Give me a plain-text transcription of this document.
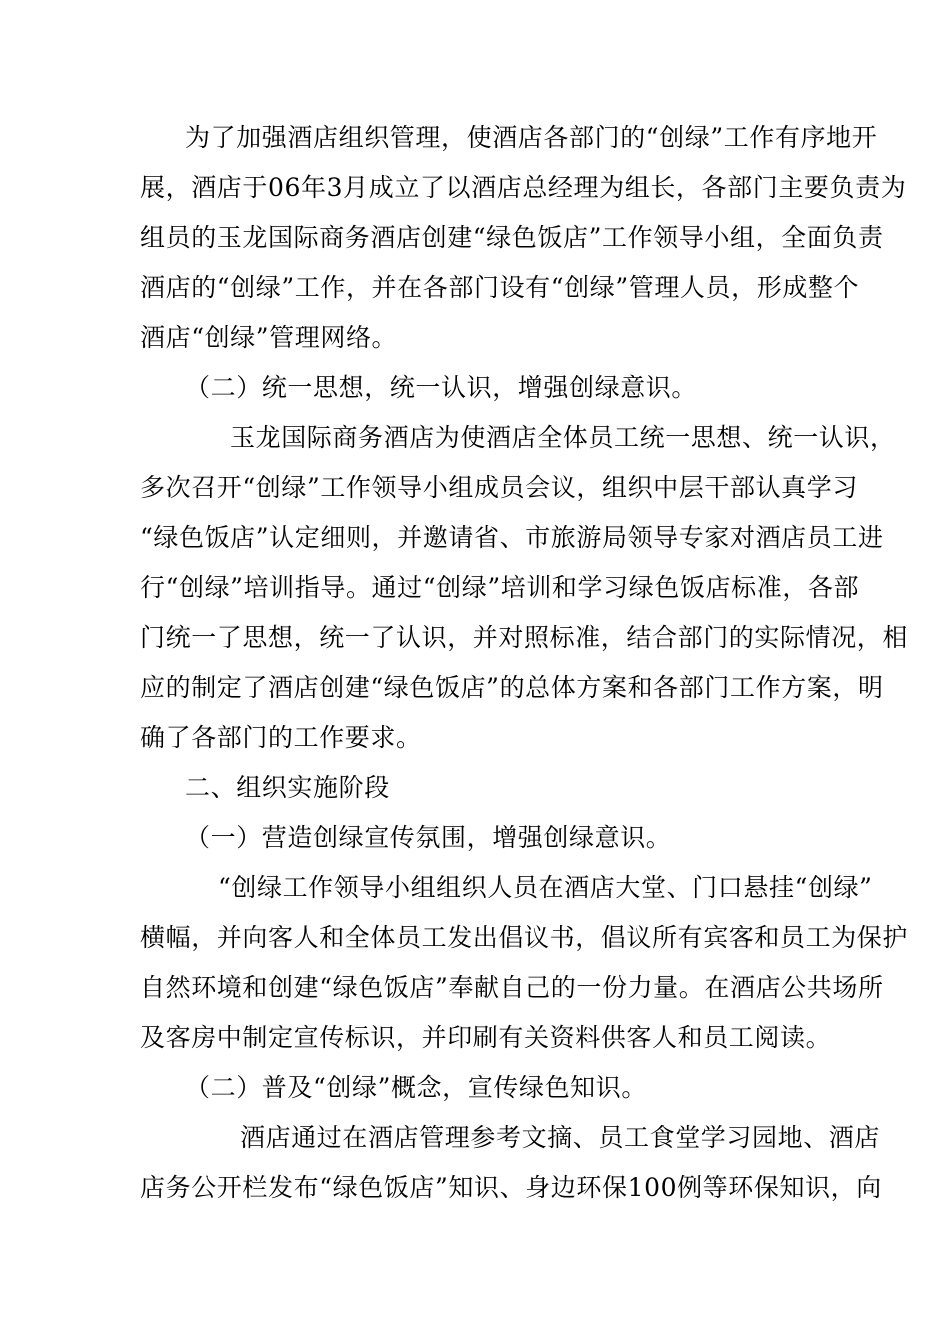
为了加强酒店组织管理，使酒店各部门的“创绿”工作有序地开
展，酒店于06年3月成立了以酒店总经理为组长，各部门主要负责为
组员的玉龙国际商务酒店创建“绿色饭店”工作领导小组，全面负责
酒店的“创绿”工作，并在各部门设有“创绿”管理人员，形成整个
酒店“创绿”管理网络。
（二）统一思想，统一认识，增强创绿意识。
玉龙国际商务酒店为使酒店全体员工统一思想、统一认识，
多次召开“创绿”工作领导小组成员会议，组织中层干部认真学习
“绿色饭店”认定细则，并邀请省、市旅游局领导专家对酒店员工进
行“创绿”培训指导。通过“创绿”培训和学习绿色饭店标准，各部
门统一了思想，统一了认识，并对照标准，结合部门的实际情况，相
应的制定了酒店创建“绿色饭店”的总体方案和各部门工作方案，明
确了各部门的工作要求。
二、组织实施阶段
（一）营造创绿宣传氛围，增强创绿意识。
“创绿工作领导小组组织人员在酒店大堂、门口悬挂“创绿”
横幅，并向客人和全体员工发出倡议书，倡议所有宾客和员工为保护
自然环境和创建“绿色饭店”奉献自己的一份力量。在酒店公共场所
及客房中制定宣传标识，并印刷有关资料供客人和员工阅读。
（二）普及“创绿”概念，宣传绿色知识。
酒店通过在酒店管理参考文摘、员工食堂学习园地、酒店
店务公开栏发布“绿色饭店”知识、身边环保100例等环保知识，向
